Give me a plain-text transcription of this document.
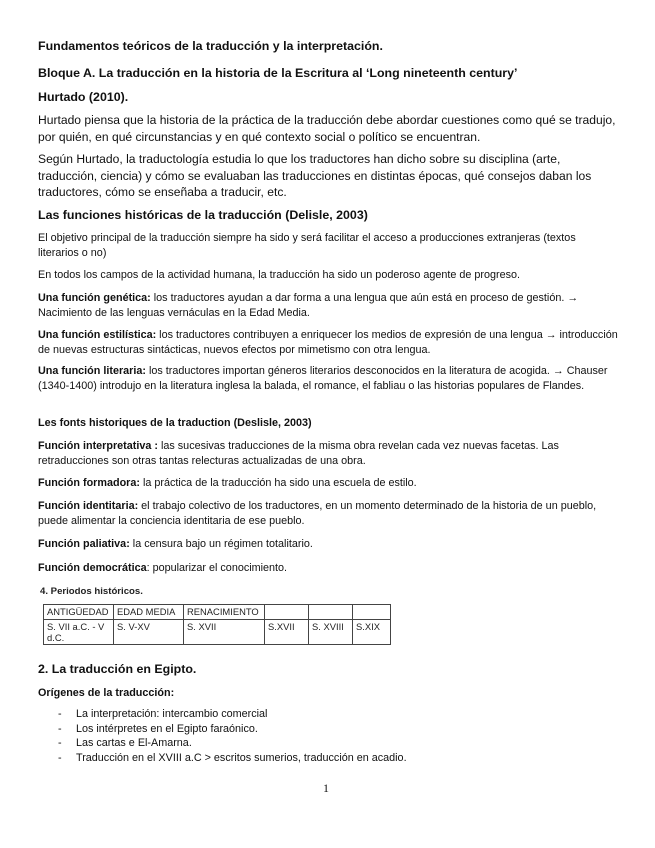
Fundamentos teóricos de la traducción y la interpretación.

Bloque A. La traducción en la historia de la Escritura al ‘Long nineteenth century’

Hurtado (2010).

Hurtado piensa que la historia de la práctica de la traducción debe abordar cuestiones como qué se tradujo, por quién, en qué circunstancias y en qué contexto social o político se encuentran.

Según Hurtado, la traductología estudia lo que los traductores han dicho sobre su disciplina (arte, traducción, ciencia) y cómo se evaluaban las traducciones en distintas épocas, qué consejos daban los traductores, cómo se enseñaba a traducir, etc.

Las funciones históricas de la traducción (Delisle, 2003)

El objetivo principal de la traducción siempre ha sido y será facilitar el acceso a producciones extranjeras (textos literarios o no)

En todos los campos de la actividad humana, la traducción ha sido un poderoso agente de progreso.

Una función genética: los traductores ayudan a dar forma a una lengua que aún está en proceso de gestión. → Nacimiento de las lenguas vernáculas en la Edad Media.

Una función estilística: los traductores contribuyen a enriquecer los medios de expresión de una lengua → introducción de nuevas estructuras sintácticas, nuevos efectos por mimetismo con otra lengua.

Una función literaria: los traductores importan géneros literarios desconocidos en la literatura de acogida. → Chauser (1340-1400) introdujo en la literatura inglesa la balada, el romance, el fabliau o las historias populares de Flandes.

Les fonts historiques de la traduction (Deslisle, 2003)

Función interpretativa : las sucesivas traducciones de la misma obra revelan cada vez nuevas facetas. Las retraducciones son otras tantas relecturas actualizadas de una obra.

Función formadora: la práctica de la traducción ha sido una escuela de estilo.

Función identitaria: el trabajo colectivo de los traductores, en un momento determinado de la historia de un pueblo, puede alimentar la conciencia identitaria de ese pueblo.

Función paliativa: la censura bajo un régimen totalitario.

Función democrática: popularizar el conocimiento.

4. Periodos históricos.
ANTIGÜEDAD	EDAD MEDIA	RENACIMIENTO			
S. VII a.C. - V d.C.	S. V-XV	S. XVII	S.XVII	S. XVIII	S.XIX

2. La traducción en Egipto.

Orígenes de la traducción:

- La interpretación: intercambio comercial
- Los intérpretes en el Egipto faraónico.
- Las cartas e El-Amarna.
- Traducción en el XVIII a.C > escritos sumerios, traducción en acadio.
1
